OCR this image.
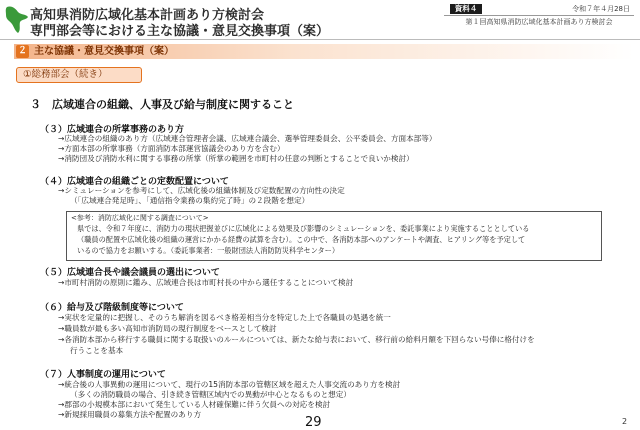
高知県消防広域化基本計画あり方検討会
専門部会等における主な協議・意見交換事項（案）
資料４	令和７年４月28日
第１回高知県消防広域化基本計画あり方検討会
２ 主な協議・意見交換事項（案）
①総務部会（続き）
３　広域連合の組織、人事及び給与制度に関すること
（３）広域連合の所掌事務のあり方
→広域連合の組織のあり方（広域連合管理者会議、広域連合議会、選挙管理委員会、公平委員会、方面本部等）
→方面本部の所掌事務（方面消防本部運営協議会のあり方を含む）
→消防団及び消防水利に関する事務の所掌（所掌の範囲を市町村の任意の判断とすることで良いか検討）
（４）広域連合の組織ごとの定数配置について
→シミュレーションを参考にして、広域化後の組織体制及び定数配置の方向性の決定
（「広域連合発足時」、「通信指令業務の集約完了時」の２段階を想定）
<参考：消防広域化に関する調査について>
県では、令和７年度に、消防力の現状把握並びに広域化による効果及び影響のシミュレーションを、委託事業により実施することとしている
（職員の配置や広域化後の組織の運営にかかる経費の試算を含む）。この中で、各消防本部へのアンケートや調査、ヒアリング等を予定して
いるので協力をお願いする。（委託事業者：一般財団法人消防防災科学センター）
（５）広域連合長や議会議員の選出について
→市町村消防の原則に鑑み、広域連合長は市町村長の中から選任することについて検討
（６）給与及び階級制度等について
→実状を定量的に把握し、そのうち解消を図るべき格差相当分を特定した上で各職員の処遇を統一
→職員数が最も多い高知市消防局の現行制度をベースとして検討
→各消防本部から移行する職員に関する取扱いのルールについては、新たな給与表において、移行前の給料月額を下回らない号俸に格付けを
行うことを基本
（７）人事制度の運用について
→統合後の人事異動の運用について、現行の15消防本部の管轄区域を超えた人事交流のあり方を検討
（多くの消防職員の場合、引き続き管轄区域内での異動が中心となるものと想定）
→郡部の小規模本部において発生している人材確保難に伴う欠員への対応を検討
→新規採用職員の募集方法や配置のあり方
29	2
